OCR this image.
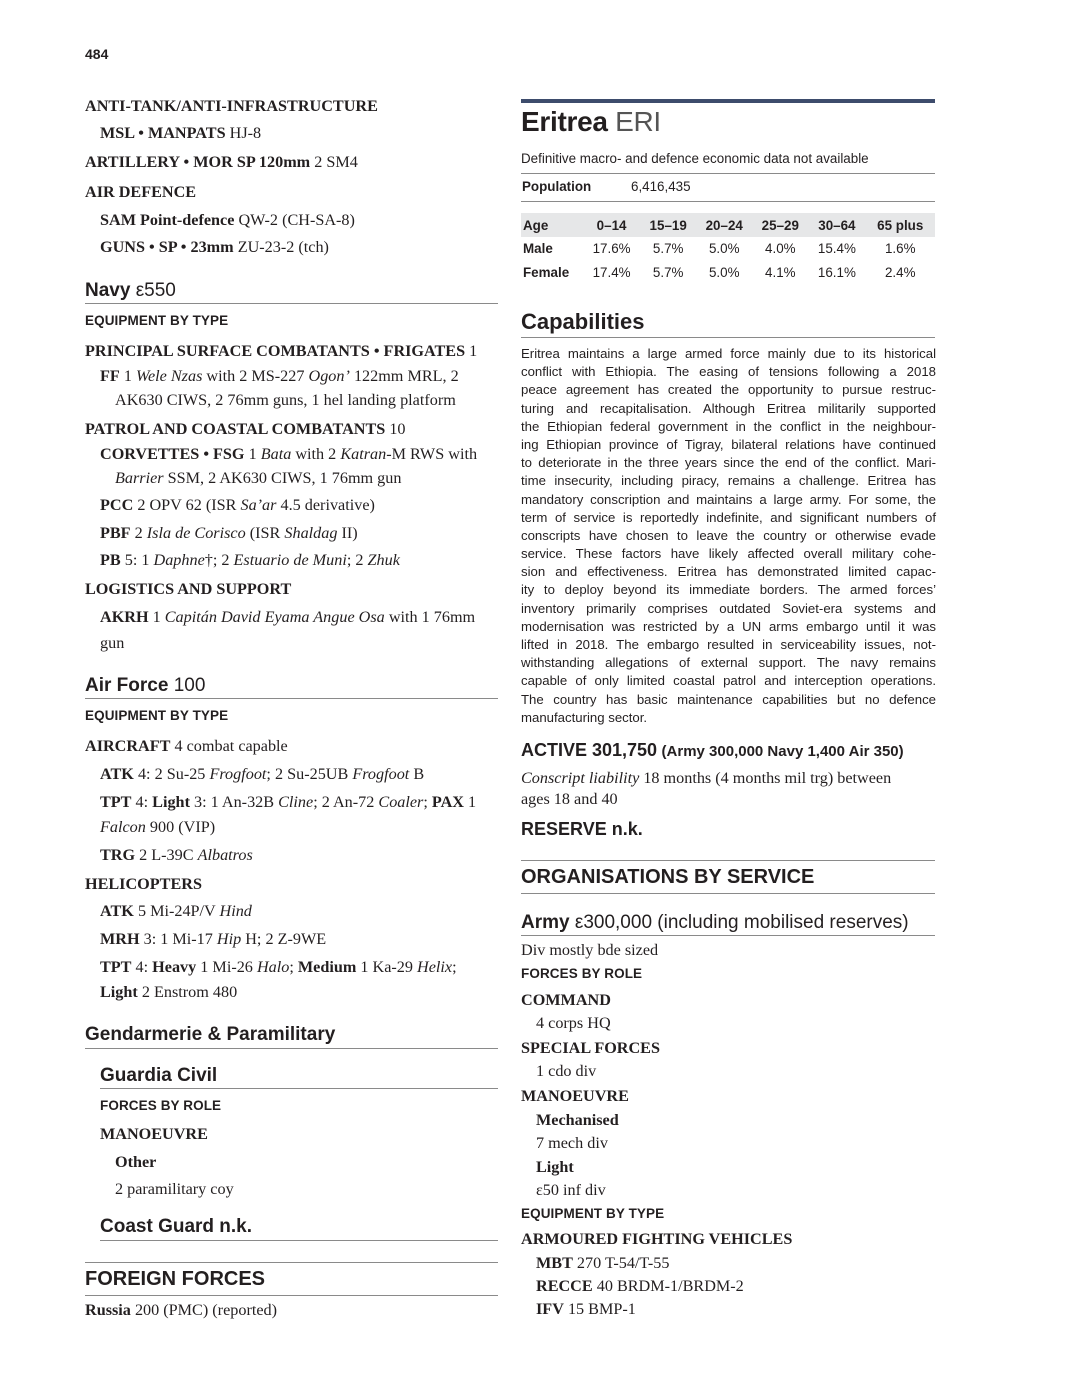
484
ANTI-TANK/ANTI-INFRASTRUCTURE
MSL • MANPATS HJ-8
ARTILLERY • MOR SP 120mm 2 SM4
AIR DEFENCE
SAM Point-defence QW-2 (CH-SA-8)
GUNS • SP • 23mm ZU-23-2 (tch)
Navy ε550
EQUIPMENT BY TYPE
PRINCIPAL SURFACE COMBATANTS • FRIGATES 1
FF 1 Wele Nzas with 2 MS-227 Ogon’ 122mm MRL, 2
AK630 CIWS, 2 76mm guns, 1 hel landing platform
PATROL AND COASTAL COMBATANTS 10
CORVETTES • FSG 1 Bata with 2 Katran-M RWS with
Barrier SSM, 2 AK630 CIWS, 1 76mm gun
PCC 2 OPV 62 (ISR Sa’ar 4.5 derivative)
PBF 2 Isla de Corisco (ISR Shaldag II)
PB 5: 1 Daphne†; 2 Estuario de Muni; 2 Zhuk
LOGISTICS AND SUPPORT
AKRH 1 Capitán David Eyama Angue Osa with 1 76mm
gun
Air Force 100
EQUIPMENT BY TYPE
AIRCRAFT 4 combat capable
ATK 4: 2 Su-25 Frogfoot; 2 Su-25UB Frogfoot B
TPT 4: Light 3: 1 An-32B Cline; 2 An-72 Coaler; PAX 1
Falcon 900 (VIP)
TRG 2 L-39C Albatros
HELICOPTERS
ATK 5 Mi-24P/V Hind
MRH 3: 1 Mi-17 Hip H; 2 Z-9WE
TPT 4: Heavy 1 Mi-26 Halo; Medium 1 Ka-29 Helix;
Light 2 Enstrom 480
Gendarmerie & Paramilitary
Guardia Civil
FORCES BY ROLE
MANOEUVRE
Other
2 paramilitary coy
Coast Guard n.k.
FOREIGN FORCES
Russia 200 (PMC) (reported)
Eritrea ERI
Definitive macro- and defence economic data not available
Population	6,416,435
Age	0–14	15–19	20–24	25–29	30–64	65 plus
Male	17.6%	5.7%	5.0%	4.0%	15.4%	1.6%
Female	17.4%	5.7%	5.0%	4.1%	16.1%	2.4%
Capabilities
Eritrea maintains a large armed force mainly due to its historical
conflict with Ethiopia. The easing of tensions following a 2018
peace agreement has created the opportunity to pursue restruc-
turing and recapitalisation. Although Eritrea militarily supported
the Ethiopian federal government in the conflict in the neighbour-
ing Ethiopian province of Tigray, bilateral relations have continued
to deteriorate in the three years since the end of the conflict. Mari-
time insecurity, including piracy, remains a challenge. Eritrea has
mandatory conscription and maintains a large army. For some, the
term of service is reportedly indefinite, and significant numbers of
conscripts have chosen to leave the country or otherwise evade
service. These factors have likely affected overall military cohe-
sion and effectiveness. Eritrea has demonstrated limited capac-
ity to deploy beyond its immediate borders. The armed forces’
inventory primarily comprises outdated Soviet-era systems and
modernisation was restricted by a UN arms embargo until it was
lifted in 2018. The embargo resulted in serviceability issues, not-
withstanding allegations of external support. The navy remains
capable of only limited coastal patrol and interception operations.
The country has basic maintenance capabilities but no defence
manufacturing sector.
ACTIVE 301,750 (Army 300,000 Navy 1,400 Air 350)
Conscript liability 18 months (4 months mil trg) between
ages 18 and 40
RESERVE n.k.
ORGANISATIONS BY SERVICE
Army ε300,000 (including mobilised reserves)
Div mostly bde sized
FORCES BY ROLE
COMMAND
4 corps HQ
SPECIAL FORCES
1 cdo div
MANOEUVRE
Mechanised
7 mech div
Light
ε50 inf div
EQUIPMENT BY TYPE
ARMOURED FIGHTING VEHICLES
MBT 270 T-54/T-55
RECCE 40 BRDM-1/BRDM-2
IFV 15 BMP-1
